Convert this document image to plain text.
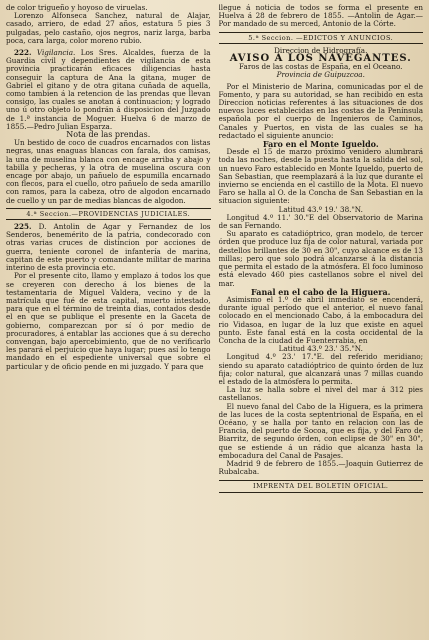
de color trigueño y hoyoso de viruelas.

Lorenzo Alfonseca Sanchez, natural de Alajar, casado, arriero, de edad 27 años, estatura 5 pies 3 pulgadas, pelo castaño, ojos negros, nariz larga, barba poca, cara larga, color moreno rubio.

222. Vigilancia. Los Sres. Alcaldes, fuerza de la Guardia civil y dependientes de vigilancia de esta provincia practicarán eficaces diligencias hasta conseguir la captura de Ana la gitana, muger de Gabriel el gitano y de otra gitana cuñada de aquella, como tambien á la retencion de las prendas que llevan consigo, las cuales se anotan á continuacion; y logrado uno ú otro objeto lo pondrán á disposicion del Juzgado de 1.ª instancia de Moguer. Huelva 6 de marzo de 1855.—Pedro Julian Esparza.

Nota de las prendas.

Un bestido de coco de cuadros encarnados con listas negras, unas enaguas blancas con farala, dos camisas, la una de muselina blanca con encage arriba y abajo y tabilla y pecheras, y la otra de muselina oscura con encage por abajo, un pañuelo de espumilla encarnado con flecos, para el cuello, otro pañuelo de seda amarillo con ramos, para la cabeza, otro de algodon encarnado de cuello y un par de medias blancas de algodon.

4.ª Seccion.—PROVIDENCIAS JUDICIALES.

225. D. Antolin de Agar y Fernandez de los Senderos, benemérito de la patria, condecorado con otras varias cruces de distincion por acciones de guerra, teniente coronel de infantería de marina, capitan de este puerto y comandante militar de marina interino de esta provincia etc.

Por el presente cito, llamo y emplazo á todos los que se creyeren con derecho á los bienes de la testamentaria de Miguel Valdera, vecino y de la matrícula que fué de esta capital, muerto intestado, para que en el término de treinta dias, contados desde el en que se publique el presente en la Gaceta de gobierno, comparezcan por sí ó por medio de procuradores, á entablar las acciones que á su derecho convengan, bajo apercebimiento, que de no verificarlo les parará el perjuicio que haya lugar; pues así lo tengo mandado en el espediente universal que sobre el particular y de oficio pende en mi juzgado. Y para que

llegue á noticia de todos se forma el presente en Huelva á 28 de febrero de 1855. —Antolin de Agar.—Por mandado de su merced, Antonio de la Córte.

5.ª Seccion. —EDICTOS Y ANUNCIOS.

Direccion de Hidrografía.

AVISO Á LOS NAVEGANTES.

Faros de las costas de España, en el Oceano.

Provincia de Guipuzcoa.

Por el Ministerio de Marina, comunicadas por el de Fomento, y para su autoridad, se han recibido en esta Direccion noticias referentes á las situaciones de dos nuevos luces establecidas en las costas de la Península española por el cuerpo de Ingenieros de Caminos, Canales y Puertos, en vista de las cuales se ha redactado el siguiente anuncio:

Faro en el Monte Igueldo.

Desde el 15 de marzo próximo venidero alumbrará toda las noches, desde la puesta hasta la salida del sol, un nuevo Faro establecido en Monte Igueldo, puerto de San Sebastian, que reemplazará á la luz que durante el invierno se encienda en el castillo de la Mota. El nuevo Faro se halla al O. de la Concha de San Sebastian en la situacion siguiente:

Latitud 43.º 19.' 38."N.

Longitud 4.º 11.' 30."E del Observatorio de Marina de san Fernando.

Su aparato es catadióptrico, gran modelo, de tercer órden que produce luz fija de color natural, variada por destellos brillantes de 30 en 30", cuyo alcance es de 13 millas; pero que solo podrá alcanzarse á la distancia que permita el estado de la atmósfera. El foco luminoso está elevado 460 pies castellanos sobre el nivel del mar.

Fanal en el cabo de la Higuera.

Asimismo el 1.º de abril inmediato se encenderá, durante igual período que el anterior, el nuevo fanal colocado en el mencionado Cabo, á la embocadura del rio Vidasoa, en lugar de la luz que existe en aquel punto. Este fanal está en la costa occidental de la Concha de la ciudad de Fuenterrabia, en

Latitud 43.º 23.' 35."N.

Longitud 4.º 23.' 17."E. del referido meridiano; siendo su aparato catadióptrico de quinto órden de luz fija; color natural, que alcanzará unas 7 millas cuando el estado de la atmósfera lo permita.

La luz se halla sobre el nivel del mar á 312 pies castellanos.

El nuevo fanal del Cabo de la Higuera, es la primera de las luces de la costa septentrional de España, en el Océano, y se halla por tanto en relacion con las de Francia, del puerto de Socoa, que es fija, y del Faro de Biarritz, de segundo órden, con eclipse de 30" en 30", que se estiende á un rádio que alcanza hasta la embocadura del Canal de Pasajes.

Madrid 9 de febrero de 1855.—Joaquin Gutierrez de Rubalcaba.

IMPRENTA DEL BOLETIN OFICIAL.
